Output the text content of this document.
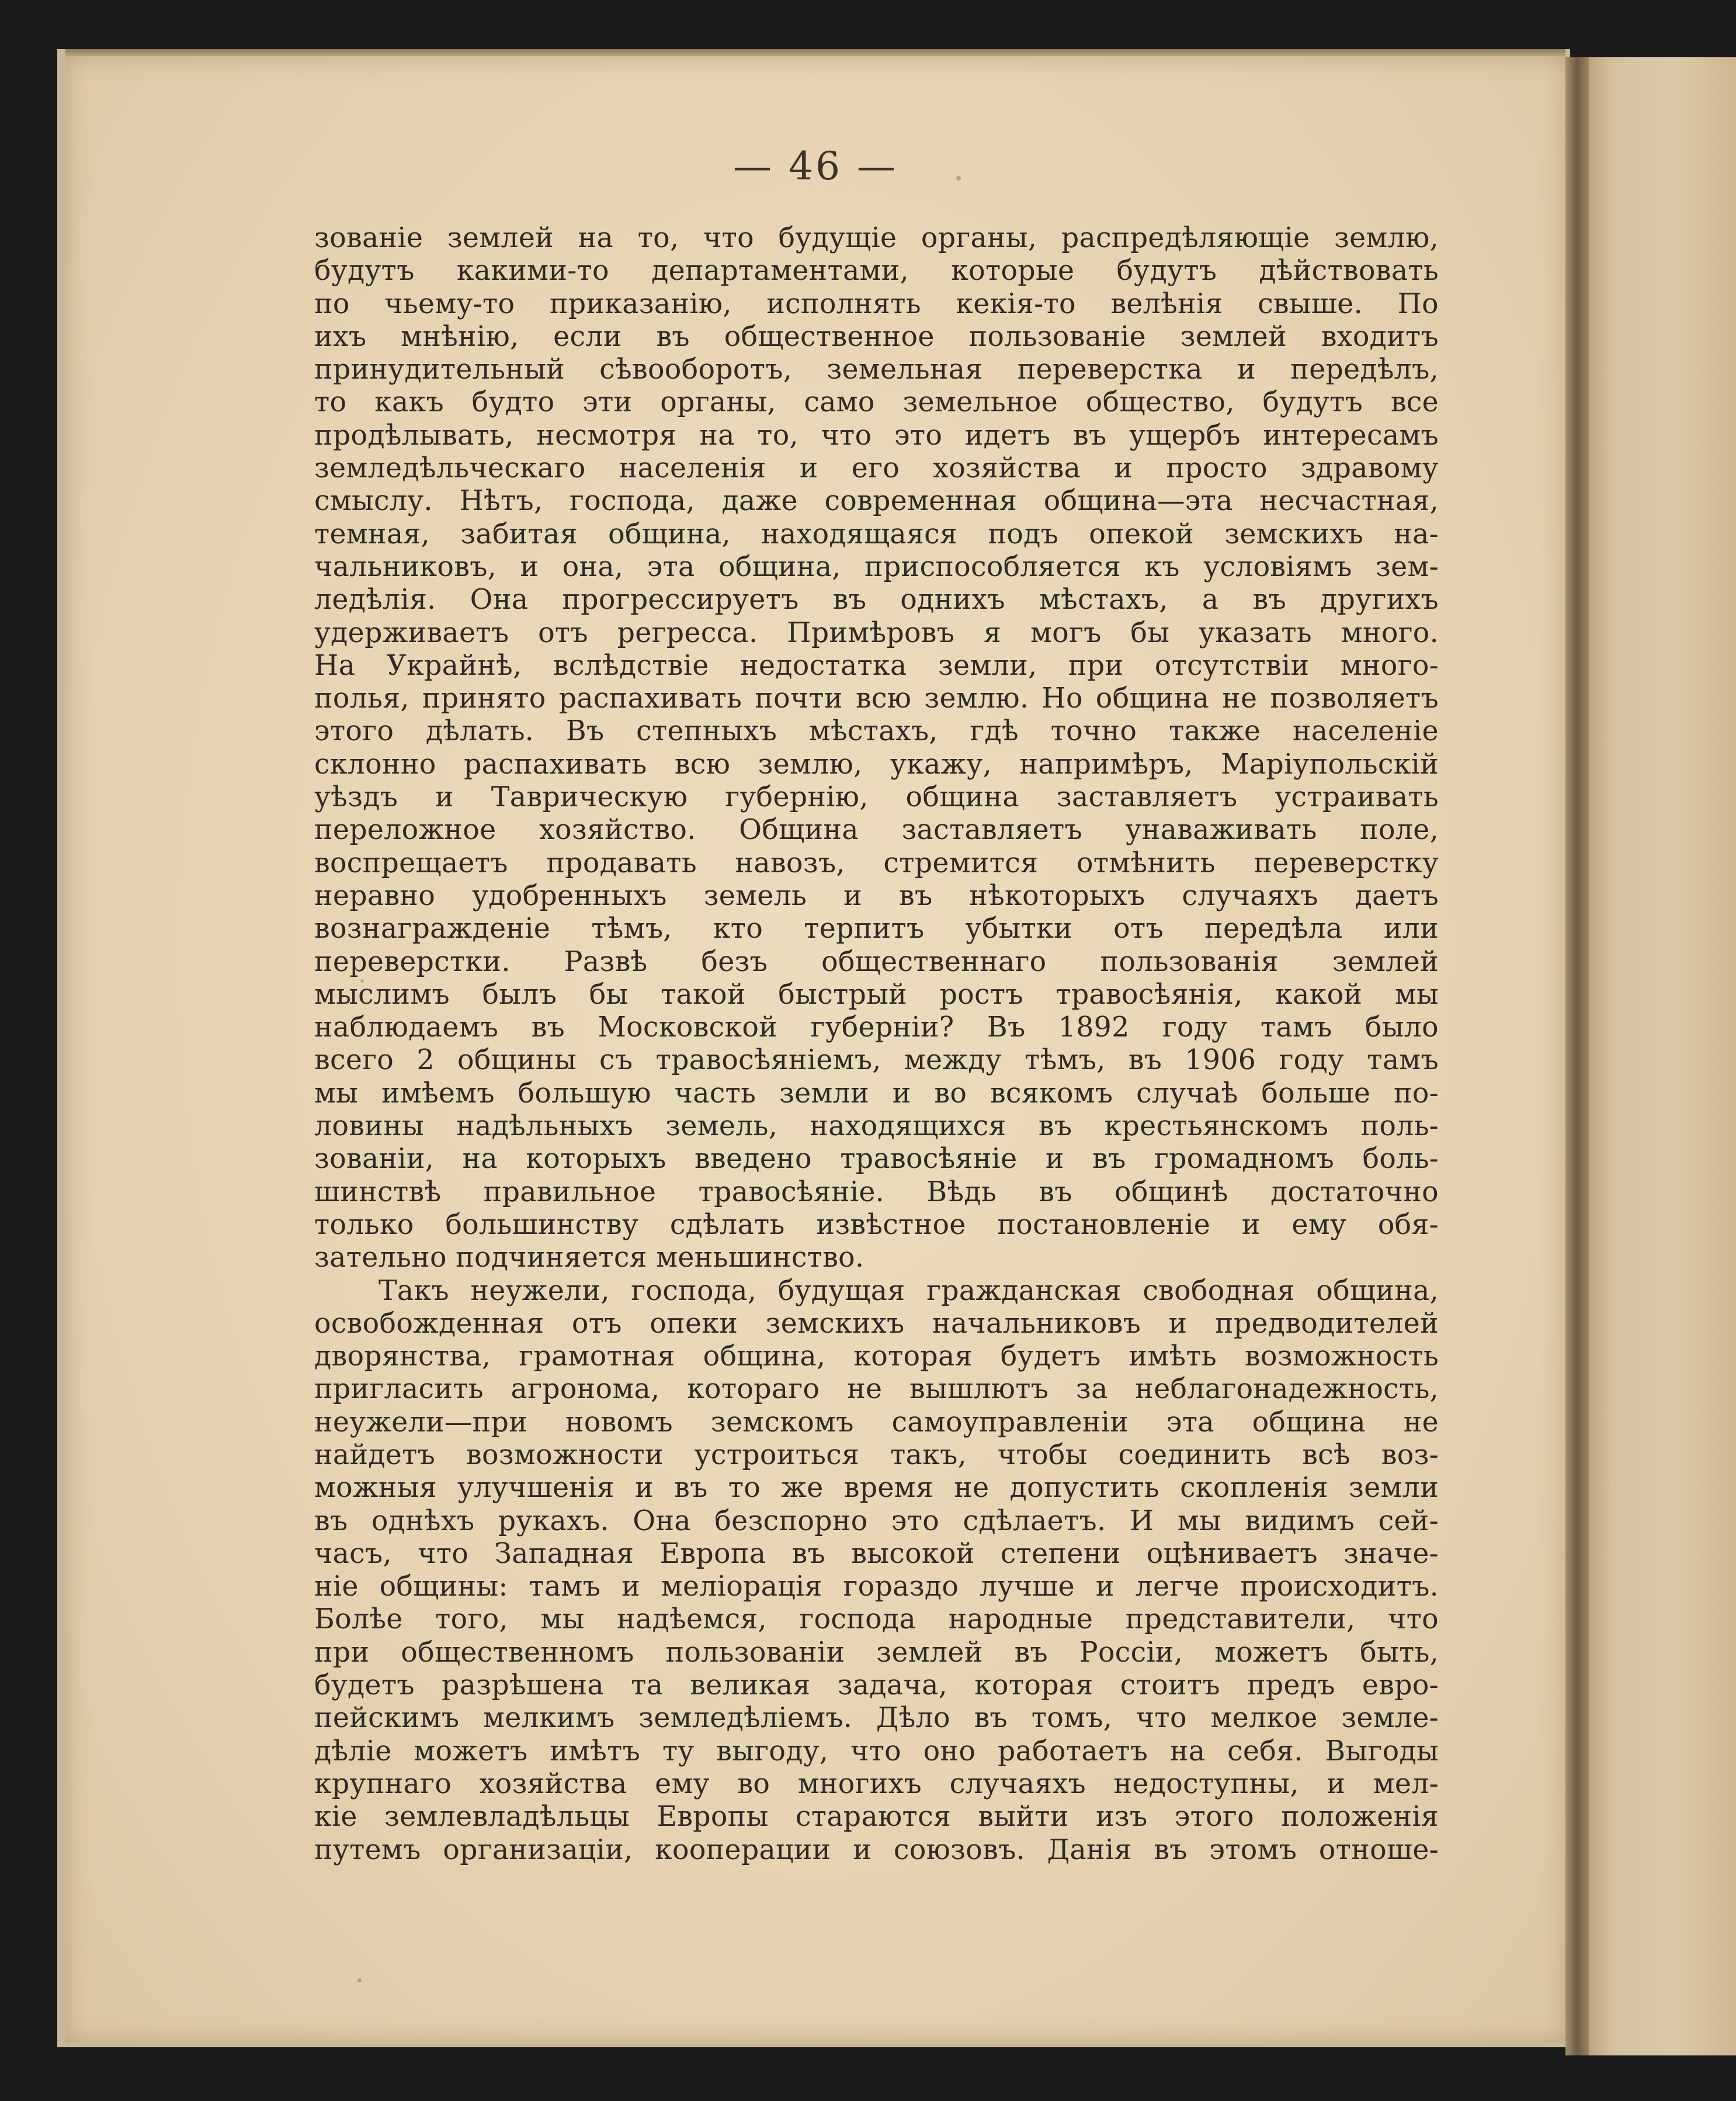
— 46 —
зованіе землей на то, что будущіе органы, распредѣляющіе землю,
будутъ какими-то департаментами, которые будутъ дѣйствовать
по чьему-то приказанію, исполнять кекія-то велѣнія свыше. По
ихъ мнѣнію, если въ общественное пользованіе землей входитъ
принудительный сѣвооборотъ, земельная переверстка и передѣлъ,
то какъ будто эти органы, само земельное общество, будутъ все
продѣлывать, несмотря на то, что это идетъ въ ущербъ интересамъ
земледѣльческаго населенія и его хозяйства и просто здравому
смыслу. Нѣтъ, господа, даже современная община—эта несчастная,
темная, забитая община, находящаяся подъ опекой земскихъ на-
чальниковъ, и она, эта община, приспособляется къ условіямъ зем-
ледѣлія. Она прогрессируетъ въ однихъ мѣстахъ, а въ другихъ
удерживаетъ отъ регресса. Примѣровъ я могъ бы указать много.
На Украйнѣ, вслѣдствіе недостатка земли, при отсутствіи много-
полья, принято распахивать почти всю землю. Но община не позволяетъ
этого дѣлать. Въ степныхъ мѣстахъ, гдѣ точно также населеніе
склонно распахивать всю землю, укажу, напримѣръ, Маріупольскій
уѣздъ и Таврическую губернію, община заставляетъ устраивать
переложное хозяйство. Община заставляетъ унаваживать поле,
воспрещаетъ продавать навозъ, стремится отмѣнить переверстку
неравно удобренныхъ земель и въ нѣкоторыхъ случаяхъ даетъ
вознагражденіе тѣмъ, кто терпитъ убытки отъ передѣла или
переверстки. Развѣ безъ общественнаго пользованія землей
мыслимъ былъ бы такой быстрый ростъ травосѣянія, какой мы
наблюдаемъ въ Московской губерніи? Въ 1892 году тамъ было
всего 2 общины съ травосѣяніемъ, между тѣмъ, въ 1906 году тамъ
мы имѣемъ большую часть земли и во всякомъ случаѣ больше по-
ловины надѣльныхъ земель, находящихся въ крестьянскомъ поль-
зованіи, на которыхъ введено травосѣяніе и въ громадномъ боль-
шинствѣ правильное травосѣяніе. Вѣдь въ общинѣ достаточно
только большинству сдѣлать извѣстное постановленіе и ему обя-
зательно подчиняется меньшинство.
Такъ неужели, господа, будущая гражданская свободная община,
освобожденная отъ опеки земскихъ начальниковъ и предводителей
дворянства, грамотная община, которая будетъ имѣть возможность
пригласить агронома, котораго не вышлютъ за неблагонадежность,
неужели—при новомъ земскомъ самоуправленіи эта община не
найдетъ возможности устроиться такъ, чтобы соединить всѣ воз-
можныя улучшенія и въ то же время не допустить скопленія земли
въ однѣхъ рукахъ. Она безспорно это сдѣлаетъ. И мы видимъ сей-
часъ, что Западная Европа въ высокой степени оцѣниваетъ значе-
ніе общины: тамъ и меліорація гораздо лучше и легче происходитъ.
Болѣе того, мы надѣемся, господа народные представители, что
при общественномъ пользованіи землей въ Россіи, можетъ быть,
будетъ разрѣшена та великая задача, которая стоитъ предъ евро-
пейскимъ мелкимъ земледѣліемъ. Дѣло въ томъ, что мелкое земле-
дѣліе можетъ имѣтъ ту выгоду, что оно работаетъ на себя. Выгоды
крупнаго хозяйства ему во многихъ случаяхъ недоступны, и мел-
кіе землевладѣльцы Европы стараются выйти изъ этого положенія
путемъ организаціи, кооперации и союзовъ. Данія въ этомъ отноше-
